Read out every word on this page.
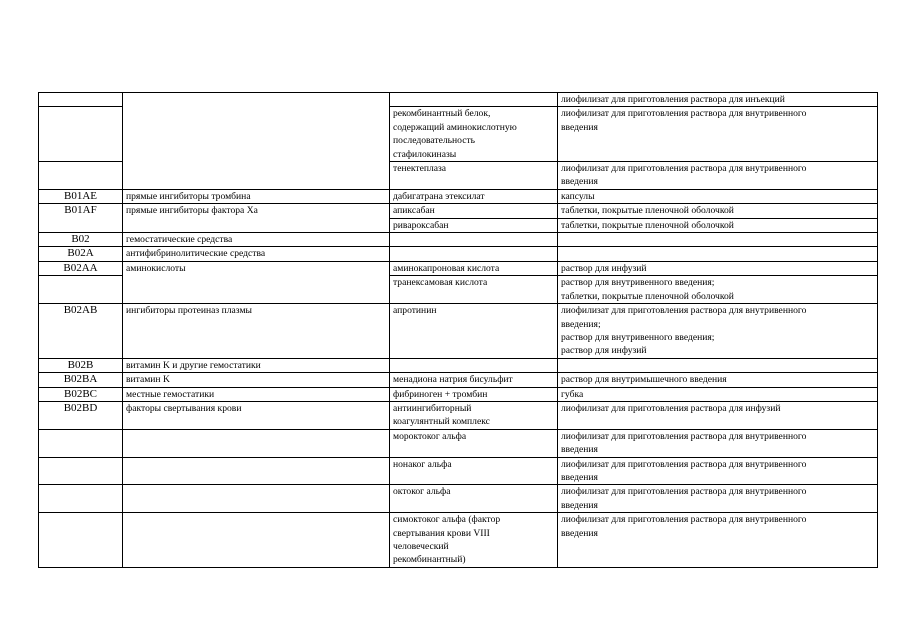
			лиофилизат для приготовления раствора для инъекций
		рекомбинантный белок,
содержащий аминокислотную
последовательность
стафилокиназы	лиофилизат для приготовления раствора для внутривенного
введения
		тенектеплаза	лиофилизат для приготовления раствора для внутривенного
введения
B01AE	прямые ингибиторы тромбина	дабигатрана этексилат	капсулы
B01AF	прямые ингибиторы фактора Xa	апиксабан	таблетки, покрытые пленочной оболочкой
		ривароксабан	таблетки, покрытые пленочной оболочкой
B02	гемостатические средства		
B02A	антифибринолитические средства		
B02AA	аминокислоты	аминокапроновая кислота	раствор для инфузий
		транексамовая кислота	раствор для внутривенного введения;
таблетки, покрытые пленочной оболочкой
B02AB	ингибиторы протеиназ плазмы	апротинин	лиофилизат для приготовления раствора для внутривенного
введения;
раствор для внутривенного введения;
раствор для инфузий
B02B	витамин K и другие гемостатики		
B02BA	витамин K	менадиона натрия бисульфит	раствор для внутримышечного введения
B02BC	местные гемостатики	фибриноген + тромбин	губка
B02BD	факторы свертывания крови	антиингибиторный
коагулянтный комплекс	лиофилизат для приготовления раствора для инфузий
		мороктоког альфа	лиофилизат для приготовления раствора для внутривенного
введения
		нонаког альфа	лиофилизат для приготовления раствора для внутривенного
введения
		октоког альфа	лиофилизат для приготовления раствора для внутривенного
введения
		симоктоког альфа (фактор
свертывания крови VIII
человеческий
рекомбинантный)	лиофилизат для приготовления раствора для внутривенного
введения
